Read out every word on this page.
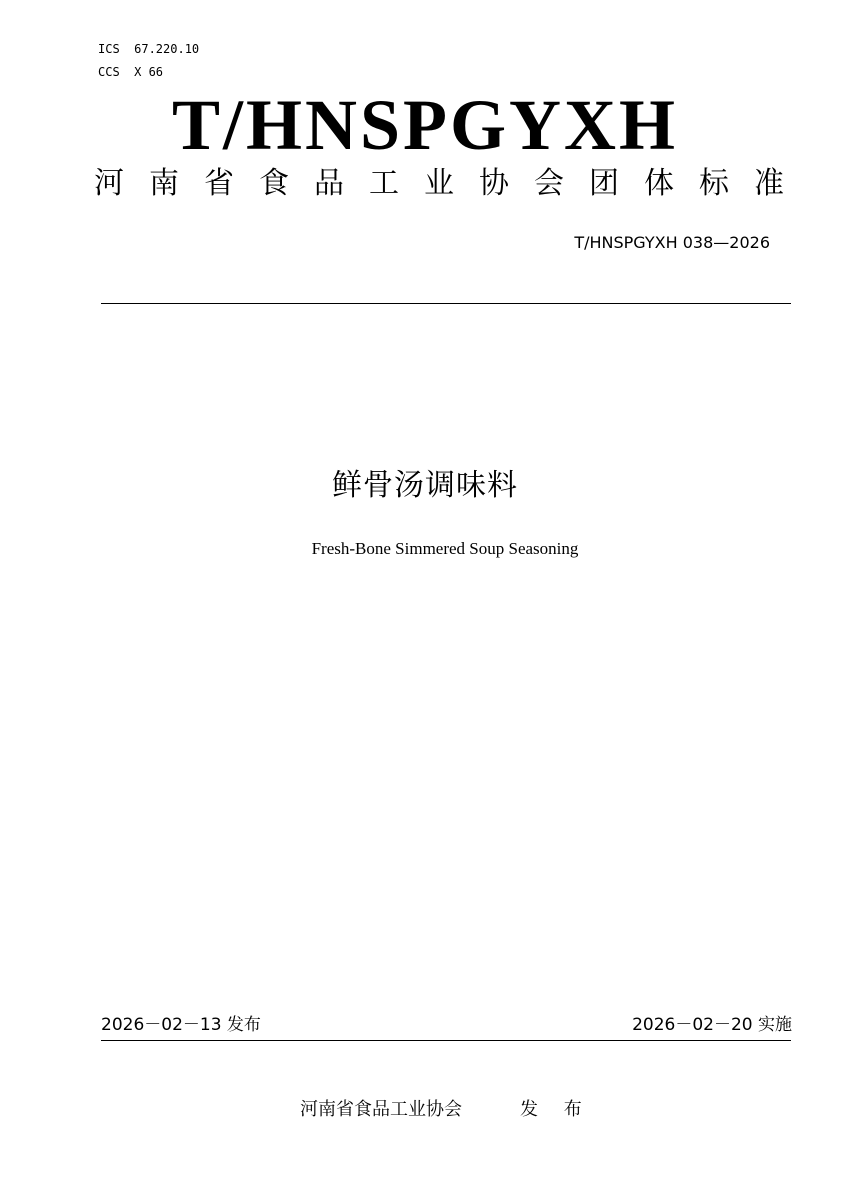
ICS  67.220.10
CCS  X 66
T/HNSPGYXH
河 南 省 食 品 工 业 协 会 团 体 标 准
T/HNSPGYXH 038—2026
鲜骨汤调味料
Fresh-Bone Simmered Soup Seasoning
2026－02－13 发布	2026－02－20 实施
河南省食品工业协会	发 布
